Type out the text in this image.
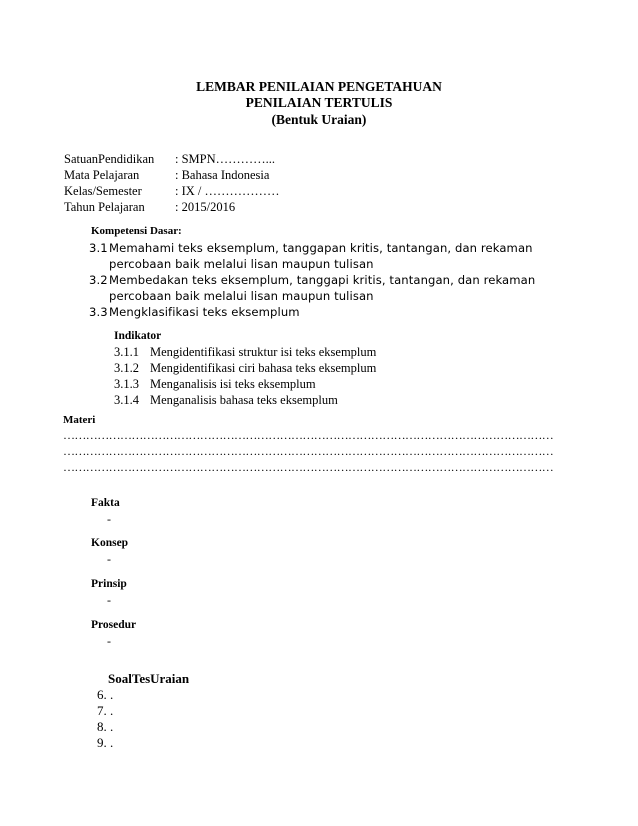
LEMBAR PENILAIAN PENGETAHUAN
PENILAIAN TERTULIS
(Bentuk Uraian)
SatuanPendidikan : SMPN…………...
Mata Pelajaran	: Bahasa Indonesia
Kelas/Semester	: IX / ………………
Tahun Pelajaran : 2015/2016
Kompetensi Dasar :
3.1 Memahami teks eksemplum, tanggapan kritis, tantangan, dan rekaman
percobaan baik melalui lisan maupun tulisan
3.2 Membedakan teks eksemplum, tanggapi kritis, tantangan, dan rekaman
percobaan baik melalui lisan maupun tulisan
3.3 Mengklasifikasi teks eksemplum
Indikator
3.1.1 Mengidentifikasi struktur isi teks eksemplum
3.1.2 Mengidentifikasi ciri bahasa teks eksemplum
3.1.3 Menganalisis isi teks eksemplum
3.1.4 Menganalisis bahasa teks eksemplum
Materi
…………………………………………………………………………………………………………………
…………………………………………………………………………………………………………………
…………………………………………………………………………………………………………………
Fakta
-
Konsep
-
Prinsip
-
Prosedur
-
SoalTesUraian
6. .
7. .
8. .
9. .
